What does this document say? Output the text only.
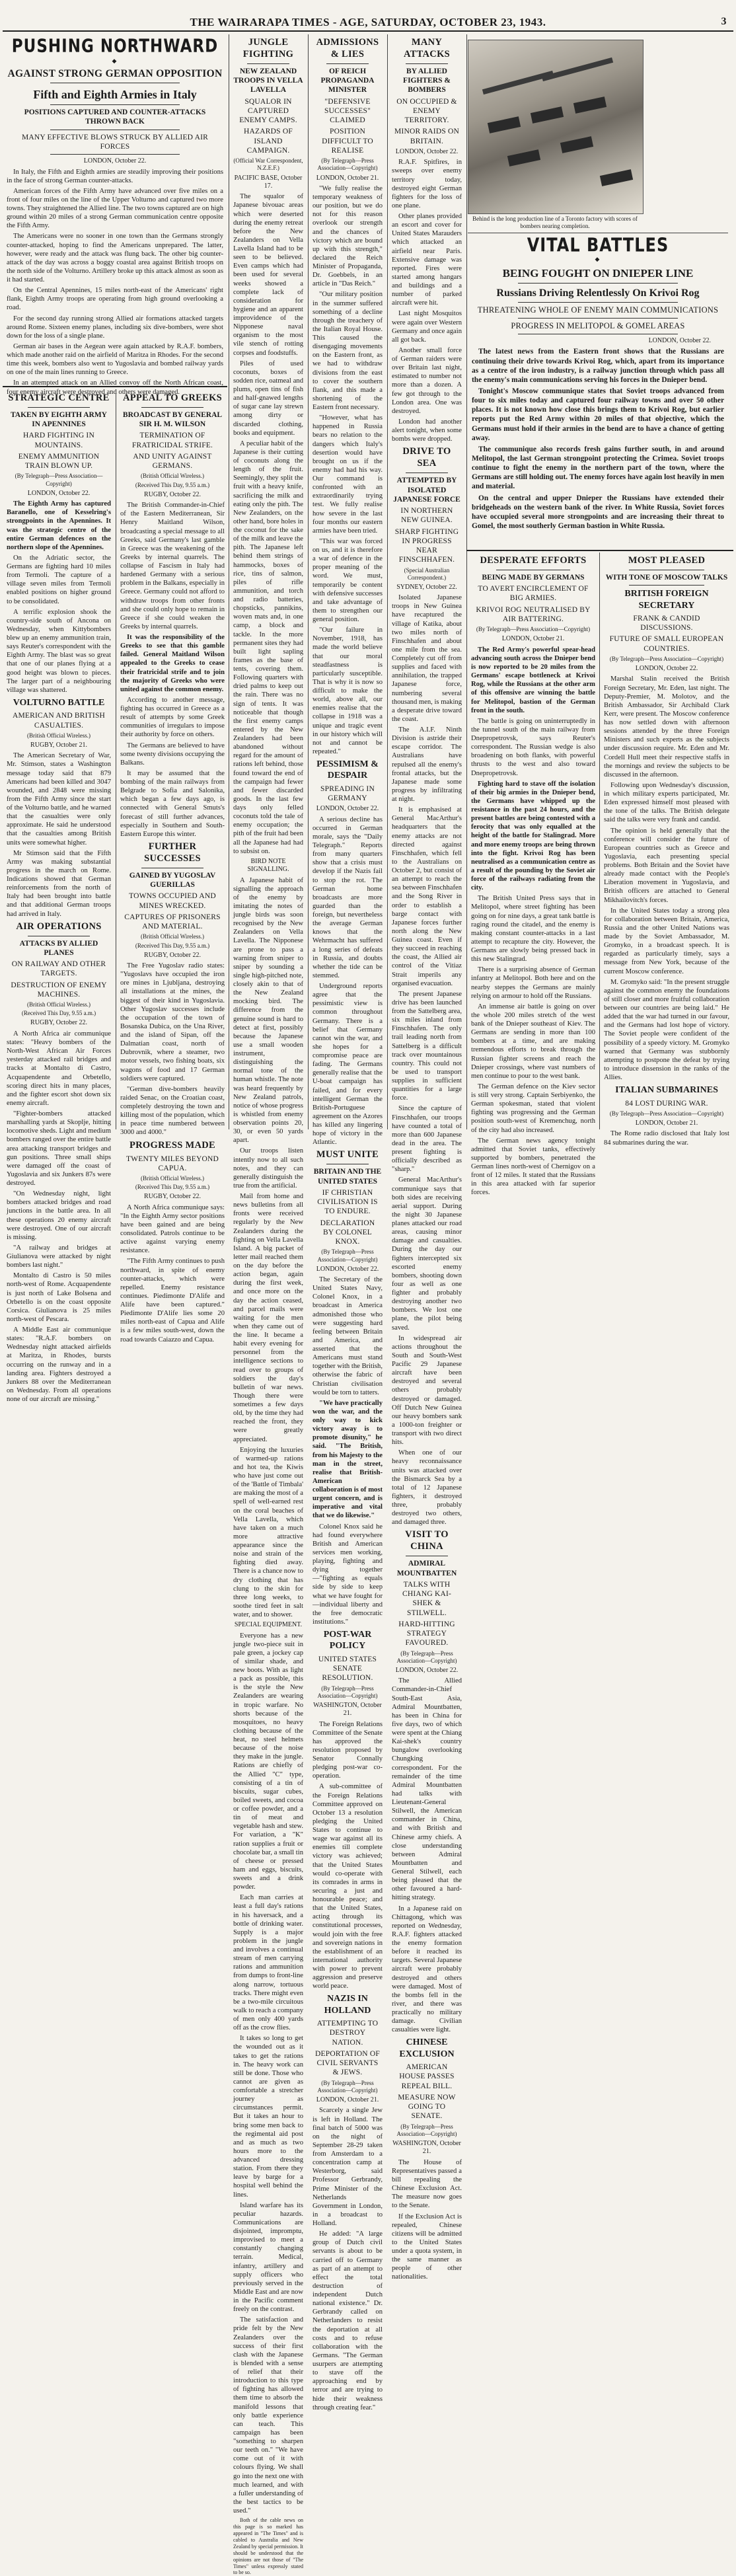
THE WAIRARAPA TIMES - AGE, SATURDAY, OCTOBER 23, 1943.	3
PUSHING NORTHWARD
◆
AGAINST STRONG GERMAN OPPOSITION
Fifth and Eighth Armies in Italy
POSITIONS CAPTURED AND COUNTER-ATTACKS THROWN BACK
MANY EFFECTIVE BLOWS STRUCK BY ALLIED AIR FORCES
LONDON, October 22.

In Italy, the Fifth and Eighth armies are steadily improving their positions in the face of strong German counter-attacks.

American forces of the Fifth Army have advanced over five miles on a front of four miles on the line of the Upper Volturno and captured two more towns. They straightened the Allied line. The two towns captured are on high ground within 20 miles of a strong German communication centre opposite the Fifth Army.

The Americans were no sooner in one town than the Germans strongly counter-attacked, hoping to find the Americans unprepared. The latter, however, were ready and the attack was flung back. The other big counter-attack of the day was across a boggy coastal area against British troops on the north side of the Volturno. Artillery broke up this attack almost as soon as it had started.

On the Central Apennines, 15 miles north-east of the Americans' right flank, Eighth Army troops are operating from high ground overlooking a road.

For the second day running strong Allied air formations attacked targets around Rome. Sixteen enemy planes, including six dive-bombers, were shot down for the loss of a single plane.

German air bases in the Aegean were again attacked by R.A.F. bombers, which made another raid on the airfield of Maritza in Rhodes. For the second time this week, bombers also went to Yugoslavia and bombed railway yards on one of the main lines running to Greece.

In an attempted attack on an Allied convoy off the North African coast, four enemy aircraft were destroyed and others were damaged.

STRATEGIC CENTRE
TAKEN BY EIGHTH ARMY IN APENNINES
HARD FIGHTING IN MOUNTAINS.
ENEMY AMMUNITION TRAIN BLOWN UP.
(By Telegraph—Press Association—Copyright)
LONDON, October 22.

The Eighth Army has captured Baranello, one of Kesselring's strongpoints in the Apennines. It was the strategic centre of the entire German defences on the northern slope of the Apennines.

On the Adriatic sector, the Germans are fighting hard 10 miles from Termoli. The capture of a village seven miles from Termoli enabled positions on higher ground to be consolidated.

A terrific explosion shook the country-side south of Ancona on Wednesday, when Kittybombers blew up an enemy ammunition train, says Reuter's correspondent with the Eighth Army. The blast was so great that one of our planes flying at a good height was blown to pieces. The larger part of a neighbouring village was shattered.

VOLTURNO BATTLE
AMERICAN AND BRITISH CASUALTIES.
(British Official Wireless.)
RUGBY, October 21.

The American Secretary of War, Mr. Stimson, states a Washington message today said that 879 Americans had been killed and 3047 wounded, and 2848 were missing from the Fifth Army since the start of the Volturno battle, and he warned that the casualties were only approximate. He said he understood that the casualties among British units were somewhat higher.

Mr Stimson said that the Fifth Army was making substantial progress in the march on Rome. Indications showed that German reinforcements from the north of Italy had been brought into battle and that additional German troops had arrived in Italy.

AIR OPERATIONS
ATTACKS BY ALLIED PLANES
ON RAILWAY AND OTHER TARGETS.
DESTRUCTION OF ENEMY MACHINES.
(British Official Wireless.)
(Received This Day, 9.55 a.m.)
RUGBY, October 22.

A North Africa air communique states: "Heavy bombers of the North-West African Air Forces yesterday attacked rail bridges and tracks at Montalto di Castro, Acquapendente and Orbetello, scoring direct hits in many places, and the fighter escort shot down six enemy aircraft.

"Fighter-bombers attacked marshalling yards at Skoplje, hitting locomotive sheds. Light and medium bombers ranged over the entire battle area attacking transport bridges and gun positions. Three small ships were damaged off the coast of Yugoslavia and six Junkers 87s were destroyed.

"On Wednesday night, light bombers attacked bridges and road junctions in the battle area. In all these operations 20 enemy aircraft were destroyed. One of our aircraft is missing.

"A railway and bridges at Giulianova were attacked by night bombers last night."

Montalto di Castro is 50 miles north-west of Rome. Acquapendente is just north of Lake Bolsena and Orbetello is on the coast opposite Corsica. Giulianova is 25 miles north-west of Pescara.

A Middle East air communique states: "R.A.F. bombers on Wednesday night attacked airfields at Maritza, in Rhodes, bursts occurring on the runway and in a landing area. Fighters destroyed a Junkers 88 over the Mediterranean on Wednesday. From all operations none of our aircraft are missing."

APPEAL TO GREEKS
BROADCAST BY GENERAL SIR H. M. WILSON
TERMINATION OF FRATRICIDAL STRIFE.
AND UNITY AGAINST GERMANS.
(British Official Wireless.)
(Received This Day, 9.55 a.m.)
RUGBY, October 22.

The British Commander-in-Chief of the Eastern Mediterranean, Sir Henry Maitland Wilson, broadcasting a special message to all Greeks, said Germany's last gamble in Greece was the weakening of the Greeks by internal quarrels. The collapse of Fascism in Italy had hardened Germany with a serious problem in the Balkans, especially in Greece. Germany could not afford to withdraw troops from other fronts and she could only hope to remain in Greece if she could weaken the Greeks by internal quarrels.

It was the responsibility of the Greeks to see that this gamble failed. General Maitland Wilson appealed to the Greeks to cease their fratricidal strife and to join the majority of Greeks who were united against the common enemy.

According to another message, fighting has occurred in Greece as a result of attempts by some Greek communities of irregulars to impose their authority by force on others.

The Germans are believed to have some twenty divisions occupying the Balkans.

It may be assumed that the bombing of the main railways from Belgrade to Sofia and Salonika, which began a few days ago, is connected with General Smuts's forecast of still further advances, especially in Southern and South-Eastern Europe this winter.

FURTHER SUCCESSES
GAINED BY YUGOSLAV GUERILLAS
TOWNS OCCUPIED AND MINES WRECKED.
CAPTURES OF PRISONERS AND MATERIAL.
(British Official Wireless.)
(Received This Day, 9.55 a.m.)
RUGBY, October 22.

The Free Yugoslav radio states: "Yugoslavs have occupied the iron ore mines in Ljubljana, destroying all installations at the mines, the biggest of their kind in Yugoslavia. Other Yugoslav successes include the occupation of the town of Bosanska Dubica, on the Una River, and the island of Sipan, off the Dalmatian coast, north of Dubrovnik, where a steamer, two motor vessels, two fishing boats, six wagons of food and 17 German soldiers were captured.

"German dive-bombers heavily raided Senac, on the Croatian coast, completely destroying the town and killing most of the population, which in peace time numbered between 3000 and 4000."

PROGRESS MADE
TWENTY MILES BEYOND CAPUA.
(British Official Wireless.)
(Received This Day, 9.55 a.m.)
RUGBY, October 22.

A North Africa communique says: "In the Eighth Army sector positions have been gained and are being consolidated. Patrols continue to be active against varying enemy resistance.

"The Fifth Army continues to push northward, in spite of enemy counter-attacks, which were repelled. Enemy resistance continues. Piedimonte D'Alife and Alife have been captured." Piedimonte D'Alife lies some 20 miles north-east of Capua and Alife is a few miles south-west, down the road towards Caiazzo and Capua.

JUNGLE FIGHTING
NEW ZEALAND TROOPS IN VELLA LAVELLA
SQUALOR IN CAPTURED ENEMY CAMPS.
HAZARDS OF ISLAND CAMPAIGN.
(Official War Correspondent, N.Z.E.F.)
PACIFIC BASE, October 17.

The squalor of Japanese bivouac areas which were deserted during the enemy retreat before the New Zealanders on Vella Lavella Island had to be seen to be believed. Even camps which had been used for several weeks showed a complete lack of consideration for hygiene and an apparent improvidence of the Nipponese naval organism to the most vile stench of rotting corpses and foodstuffs.

Piles of used coconuts, boxes of sodden rice, oatmeal and plums, open tins of fish and half-gnawed lengths of sugar cane lay strewn among dirty or discarded clothing, books and equipment.

A peculiar habit of the Japanese is their cutting of coconuts along the length of the fruit. Seemingly, they split the fruit with a heavy knife, sacrificing the milk and eating only the pith. The New Zealanders, on the other hand, bore holes in the coconut for the sake of the milk and leave the pith. The Japanese left behind them strings of hammocks, boxes of rice, tins of salmon, piles of rifle ammunition, and torch and radio batteries, chopsticks, pannikins, woven mats and, in one camp, a block and tackle. In the more permanent sites they had built light sapling frames as the base of tents, covering them. Following quarters with dried palms to keep out the rain. There was no sign of tents. It was noticeable that though the first enemy camps entered by the New Zealanders had been abandoned without regard for the amount of rations left behind, those found toward the end of the campaign had fewer and fewer discarded goods. In the last few days only felled coconuts told the tale of enemy occupation; the pith of the fruit had been all the Japanese had had to subsist on.

BIRD NOTE SIGNALLING.

A Japanese habit of signalling the approach of the enemy by imitating the notes of jungle birds was soon recognised by the New Zealanders on Vella Lavella. The Nipponese are prone to pass a warning from sniper to sniper by sounding a single high-pitched note, closely akin to that of the New Zealand mocking bird. The difference from the genuine sound is hard to detect at first, possibly because the Japanese use a small wooden instrument, distinguishing the normal tone of the human whistle. The note was heard frequently by New Zealand patrols, notice of whose progress is whistled from enemy observation points 20, 30, or even 50 yards apart.

Our troops listen intently now to all such notes, and they can generally distinguish the true from the artificial.

Mail from home and news bulletins from all fronts were received regularly by the New Zealanders during the fighting on Vella Lavella Island. A big packet of letter mail reached them on the day before the action began, again during the first week, and once more on the day the action ceased, and parcel mails were waiting for the men when they came out of the line. It became a habit every evening for personnel from the intelligence sections to read over to groups of soldiers the day's bulletin of war news. Though there were sometimes a few days old, by the time they had reached the front, they were greatly appreciated.

Enjoying the luxuries of warmed-up rations and hot tea, the Kiwis who have just come out of the 'Battle of Timbala' are making the most of a spell of well-earned rest on the coral beaches of Vella Lavella, which have taken on a much more attractive appearance since the noise and strain of the fighting died away. There is a chance now to dry clothing that has clung to the skin for three long weeks, to soothe tired feet in salt water, and to shower.

SPECIAL EQUIPMENT.

Everyone has a new jungle two-piece suit in pale green, a jockey cap of similar shade, and new boots. With as light a pack as possible, this is the style the New Zealanders are wearing in tropic warfare. No shorts because of the mosquitoes, no heavy clothing because of the heat, no steel helmets because of the noise they make in the jungle. Rations are chiefly of the Allied "C" type, consisting of a tin of biscuits, sugar cubes, boiled sweets, and cocoa or coffee powder, and a tin of meat and vegetable hash and stew. For variation, a "K" ration supplies a fruit or chocolate bar, a small tin of cheese or pressed ham and eggs, biscuits, sweets and a drink powder.

Each man carries at least a full day's rations in his haversack, and a bottle of drinking water. Supply is a major problem in the jungle and involves a continual stream of men carrying rations and ammunition from dumps to front-line along narrow, tortuous tracks. There might even be a two-mile circuitous walk to reach a company of men only 400 yards off as the crow flies.

It takes so long to get the wounded out as it takes to get the rations in. The heavy work can still be done. Those who cannot are given as comfortable a stretcher journey as circumstances permit. But it takes an hour to bring some men back to the regimental aid post and as much as two hours more to the advanced dressing station. From there they leave by barge for a hospital well behind the lines.

Island warfare has its peculiar hazards. Communications are disjointed, impromptu, improvised to meet a constantly changing terrain. Medical, infantry, artillery and supply officers who previously served in the Middle East and are now in the Pacific comment freely on the contrast.

The satisfaction and pride felt by the New Zealanders over the success of their first clash with the Japanese is blended with a sense of relief that their introduction to this type of fighting has allowed them time to absorb the manifold lessons that only battle experience can teach. This campaign has been "something to sharpen our teeth on." "We have come out of it with colours flying. We shall go into the next one with much learned, and with a fuller understanding of the best tactics to be used."

Both of the cable news on this page is so marked has appeared in "The Times" and is cabled to Australia and New Zealand by special permission. It should be understood that the opinions are not those of "The Times" unless expressly stated to be so.

ADMISSIONS & LIES
OF REICH PROPAGANDA MINISTER
"DEFENSIVE SUCCESSES" CLAIMED
POSITION DIFFICULT TO REALISE
(By Telegraph—Press Association—Copyright)
LONDON, October 21.

"We fully realise the temporary weakness of our position, but we do not for this reason overlook our strength and the chances of victory which are bound up with this strength," declared the Reich Minister of Propaganda, Dr. Goebbels, in an article in "Das Reich."

"Our military position in the summer suffered something of a decline through the treachery of the Italian Royal House. This caused the disengaging movements on the Eastern front, as we had to withdraw divisions from the east to cover the southern flank, and this made a shortening of the Eastern front necessary.

"However, what has happened in Russia bears no relation to the dangers which Italy's desertion would have brought on us if the enemy had had his way. Our command is confronted with an extraordinarily trying test. We fully realise how severe in the last four months our eastern armies have been tried.

"This war was forced on us, and it is therefore a war of defence in the proper meaning of the word. We must, temporarily be content with defensive successes and take advantage of them to strengthen our general position.

"Our failure in November, 1918, has made the world believe that our moral steadfastness is particularly susceptible. That is why it is now so difficult to make the world, above all, our enemies realise that the collapse in 1918 was a unique and tragic event in our history which will not and cannot be repeated."

PESSIMISM & DESPAIR
SPREADING IN GERMANY
LONDON, October 22.

A serious decline has occurred in German morale, says the "Daily Telegraph." Reports from many quarters show that a crisis must develop if the Nazis fail to stop the rot. The German home broadcasts are more guarded than the foreign, but nevertheless the average German knows that the Wehrmacht has suffered a long series of defeats in Russia, and doubts whether the tide can be stemmed.

Underground reports agree that the pessimistic view is common throughout Germany. There is a belief that Germany cannot win the war, and she hopes for a compromise peace are fading. The Germans generally realise that the U-boat campaign has failed, and for every intelligent German the British-Portuguese agreement on the Azores has killed any lingering hope of victory in the Atlantic.

MUST UNITE
BRITAIN AND THE UNITED STATES
IF CHRISTIAN CIVILISATION IS TO ENDURE.
DECLARATION BY COLONEL KNOX.
(By Telegraph—Press Association—Copyright)
LONDON, October 22.

The Secretary of the United States Navy, Colonel Knox, in a broadcast in America admonished those who were suggesting hard feeling between Britain and America, and asserted that the Americans must stand together with the British, otherwise the fabric of Christian civilisation would be torn to tatters.

"We have practically won the war, and the only way to kick victory away is to promote disunity," he said. "The British, from his Majesty to the man in the street, realise that British-American collaboration is of most urgent concern, and is imperative and vital that we do likewise."

Colonel Knox said he had found everywhere British and American services men working, playing, fighting and dying together—"fighting as equals side by side to keep what we have fought for—individual liberty and the free democratic institutions."

POST-WAR POLICY
UNITED STATES SENATE RESOLUTION.
(By Telegraph—Press Association—Copyright)
WASHINGTON, October 21.

The Foreign Relations Committee of the Senate has approved the resolution proposed by Senator Connally pledging post-war co-operation.

A sub-committee of the Foreign Relations Committee approved on October 13 a resolution pledging the United States to continue to wage war against all its enemies till complete victory was achieved; that the United States would co-operate with its comrades in arms in securing a just and honourable peace; and that the United States, acting through its constitutional processes, would join with the free and sovereign nations in the establishment of an international authority with power to prevent aggression and preserve world peace.

NAZIS IN HOLLAND
ATTEMPTING TO DESTROY NATION.
DEPORTATION OF CIVIL SERVANTS & JEWS.
(By Telegraph—Press Association—Copyright)
LONDON, October 21.

Scarcely a single Jew is left in Holland. The final batch of 5000 was on the night of September 28-29 taken from Amsterdam to a concentration camp at Westerborg, said Professor Gerbrandy, Prime Minister of the Netherlands Government in London, in a broadcast to Holland.

He added: "A large group of Dutch civil servants is about to be carried off to Germany as part of an attempt to effect the total destruction of independent Dutch national existence." Dr. Gerbrandy called on Netherlanders to resist the deportation at all costs and to refuse collaboration with the Germans. "The German usurpers are attempting to stave off the approaching end by terror and are trying to hide their weakness through creating fear."

MANY ATTACKS
BY ALLIED FIGHTERS & BOMBERS
ON OCCUPIED & ENEMY TERRITORY.
MINOR RAIDS ON BRITAIN.
LONDON, October 22.

R.A.F. Spitfires, in sweeps over enemy territory today, destroyed eight German fighters for the loss of one plane.

Other planes provided an escort and cover for United States Marauders which attacked an airfield near Paris. Extensive damage was reported. Fires were started among hangars and buildings and a number of parked aircraft were hit.

Last night Mosquitos were again over Western Germany and once again all got back.

Another small force of German raiders were over Britain last night, estimated to number not more than a dozen. A few got through to the London area. One was destroyed.

London had another alert tonight, when some bombs were dropped.

DRIVE TO SEA
ATTEMPTED BY ISOLATED JAPANESE FORCE
IN NORTHERN NEW GUINEA.
SHARP FIGHTING IN PROGRESS NEAR FINSCHHAFEN.
(Special Australian Correspondent.)
SYDNEY, October 22.

Isolated Japanese troops in New Guinea have recaptured the village of Katika, about two miles north of Finschhafen and about one mile from the sea. Completely cut off from supplies and faced with annihilation, the trapped Japanese force, numbering several thousand men, is making a desperate drive toward the coast.

The A.I.F. Ninth Division is astride their escape corridor. The Australians have repulsed all the enemy's frontal attacks, but the Japanese made some progress by infiltrating at night.

It is emphasised at General MacArthur's headquarters that the enemy attacks are not directed against Finschhafen, which fell to the Australians on October 2, but consist of an attempt to reach the sea between Finschhafen and the Song River in order to establish a barge contact with Japanese forces further north along the New Guinea coast. Even if they succeed in reaching the coast, the Allied air control of the Vitiaz Strait imperils any organised evacuation.

The present Japanese drive has been launched from the Sattelberg area, six miles inland from Finschhafen. The only trail leading north from Sattelberg is a difficult track over mountainous country. This could not be used to transport supplies in sufficient quantities for a large force.

Since the capture of Finschhafen, our troops have counted a total of more than 600 Japanese dead in the area. The present fighting is officially described as "sharp."

General MacArthur's communique says that both sides are receiving aerial support. During the night 30 Japanese planes attacked our road areas, causing minor damage and casualties. During the day our fighters intercepted six escorted enemy bombers, shooting down four as well as one fighter and probably destroying another two bombers. We lost one plane, the pilot being saved.

In widespread air actions throughout the South and South-West Pacific 29 Japanese aircraft have been destroyed and several others probably destroyed or damaged. Off Dutch New Guinea our heavy bombers sank a 1000-ton freighter or transport with two direct hits.

When one of our heavy reconnaissance units was attacked over the Bismarck Sea by a total of 12 Japanese fighters, it destroyed three, probably destroyed two others, and damaged three.

VISIT TO CHINA
ADMIRAL MOUNTBATTEN
TALKS WITH CHIANG KAI-SHEK & STILWELL.
HARD-HITTING STRATEGY FAVOURED.
(By Telegraph—Press Association—Copyright)
LONDON, October 22.

The Allied Commander-in-Chief South-East Asia, Admiral Mountbatten, has been in China for five days, two of which were spent at the Chiang Kai-shek's country bungalow overlooking Chungking correspondent. For the remainder of the time Admiral Mountbatten had talks with Lieutenant-General Stilwell, the American commander in China, and with British and Chinese army chiefs. A close understanding between Admiral Mountbatten and General Stilwell, each being pleased that the other favoured a hard-hitting strategy.

In a Japanese raid on Chittagong, which was reported on Wednesday, R.A.F. fighters attacked the enemy formation before it reached its targets. Several Japanese aircraft were probably destroyed and others were damaged. Most of the bombs fell in the river, and there was practically no military damage. Civilian casualties were light.

CHINESE EXCLUSION
AMERICAN HOUSE PASSES REPEAL BILL.
MEASURE NOW GOING TO SENATE.
(By Telegraph—Press Association—Copyright)
WASHINGTON, October 21.

The House of Representatives passed a bill repealing the Chinese Exclusion Act. The measure now goes to the Senate.

If the Exclusion Act is repealed, Chinese citizens will be admitted to the United States under a quota system, in the same manner as people of other nationalities.

Behind is the long production line of a Toronto factory with scores of bombers nearing completion.
VITAL BATTLES
◆
BEING FOUGHT ON DNIEPER LINE
Russians Driving Relentlessly On Krivoi Rog
THREATENING WHOLE OF ENEMY MAIN COMMUNICATIONS
PROGRESS IN MELITOPOL & GOMEL AREAS
LONDON, October 22.

The latest news from the Eastern front shows that the Russians are continuing their drive towards Krivoi Rog, which, apart from its importance as a centre of the iron industry, is a railway junction through which pass all the enemy's main communications serving his forces in the Dnieper bend.

Tonight's Moscow communique states that Soviet troops advanced from four to six miles today and captured four railway towns and over 50 other places. It is not known how close this brings them to Krivoi Rog, but earlier reports put the Red Army within 20 miles of that objective, which the Germans must hold if their armies in the bend are to have a chance of getting away.

The communique also records fresh gains further south, in and around Melitopol, the last German strongpoint protecting the Crimea. Soviet troops continue to fight the enemy in the northern part of the town, where the Germans are still holding out. The enemy forces have again lost heavily in men and material.

On the central and upper Dnieper the Russians have extended their bridgeheads on the western bank of the river. In White Russia, Soviet forces have occupied several more strongpoints and are increasing their threat to Gomel, the most southerly German bastion in White Russia.

DESPERATE EFFORTS
BEING MADE BY GERMANS
TO AVERT ENCIRCLEMENT OF BIG ARMIES.
KRIVOI ROG NEUTRALISED BY AIR BATTERING.
(By Telegraph—Press Association—Copyright)
LONDON, October 21.

The Red Army's powerful spear-head advancing south across the Dnieper bend is now reported to be 20 miles from the Germans' escape bottleneck at Krivoi Rog, while the Russians at the other arm of this offensive are winning the battle for Melitopol, bastion of the German front in the south.

The battle is going on uninterruptedly in the tunnel south of the main railway from Dnepropetrovsk, says Reuter's correspondent. The Russian wedge is also broadening on both flanks, with powerful thrusts to the west and also toward Dnepropetrovsk.

Fighting hard to stave off the isolation of their big armies in the Dnieper bend, the Germans have whipped up the resistance in the past 24 hours, and the present battles are being contested with a ferocity that was only equalled at the height of the battle for Stalingrad. More and more enemy troops are being thrown into the fight. Krivoi Rog has been neutralised as a communication centre as a result of the pounding by the Soviet air force of the railways radiating from the city.

The British United Press says that in Melitopol, where street fighting has been going on for nine days, a great tank battle is raging round the citadel, and the enemy is making constant counter-attacks in a last attempt to recapture the city. However, the Germans are slowly being pressed back in this new Stalingrad.

There is a surprising absence of German infantry at Melitopol. Both here and on the nearby steppes the Germans are mainly relying on armour to hold off the Russians.

An immense air battle is going on over the whole 200 miles stretch of the west bank of the Dnieper southeast of Kiev. The Germans are sending in more than 100 bombers at a time, and are making tremendous efforts to break through the Russian fighter screens and reach the Dnieper crossings, where vast numbers of men continue to pour to the west bank.

The German defence on the Kiev sector is still very strong. Captain Serbiyenko, the German spokesman, stated that violent fighting was progressing and the German position south-west of Kremenchug, north of the city had also increased.

The German news agency tonight admitted that Soviet tanks, effectively supported by bombers, penetrated the German lines north-west of Chernigov on a front of 12 miles. It stated that the Russians in this area attacked with far superior forces.

MOST PLEASED
WITH TONE OF MOSCOW TALKS
BRITISH FOREIGN SECRETARY
FRANK & CANDID DISCUSSIONS.
FUTURE OF SMALL EUROPEAN COUNTRIES.
(By Telegraph—Press Association—Copyright)
LONDON, October 22.

Marshal Stalin received the British Foreign Secretary, Mr. Eden, last night. The Deputy-Premier, M. Molotov, and the British Ambassador, Sir Archibald Clark Kerr, were present. The Moscow conference has now settled down with afternoon sessions attended by the three Foreign Ministers and such experts as the subjects under discussion require. Mr. Eden and Mr. Cordell Hull meet their respective staffs in the mornings and review the subjects to be discussed in the afternoon.

Following upon Wednesday's discussion, in which military experts participated, Mr. Eden expressed himself most pleased with the tone of the talks. The British delegate said the talks were very frank and candid.

The opinion is held generally that the conference will consider the future of European countries such as Greece and Yugoslavia, each presenting special problems. Both Britain and the Soviet have already made contact with the People's Liberation movement in Yugoslavia, and British officers are attached to General Mikhailovitch's forces.

In the United States today a strong plea for collaboration between Britain, America, Russia and the other United Nations was made by the Soviet Ambassador, M. Gromyko, in a broadcast speech. It is regarded as particularly timely, says a message from New York, because of the current Moscow conference.

M. Gromyko said: "In the present struggle against the common enemy the foundations of still closer and more fruitful collaboration between our countries are being laid." He added that the war had turned in our favour, and the Germans had lost hope of victory. The Soviet people were confident of the possibility of a speedy victory. M. Gromyko warned that Germany was stubbornly attempting to postpone the defeat by trying to introduce dissension in the ranks of the Allies.

ITALIAN SUBMARINES
84 LOST DURING WAR.
(By Telegraph—Press Association—Copyright)
LONDON, October 21.

The Rome radio disclosed that Italy lost 84 submarines during the war.
